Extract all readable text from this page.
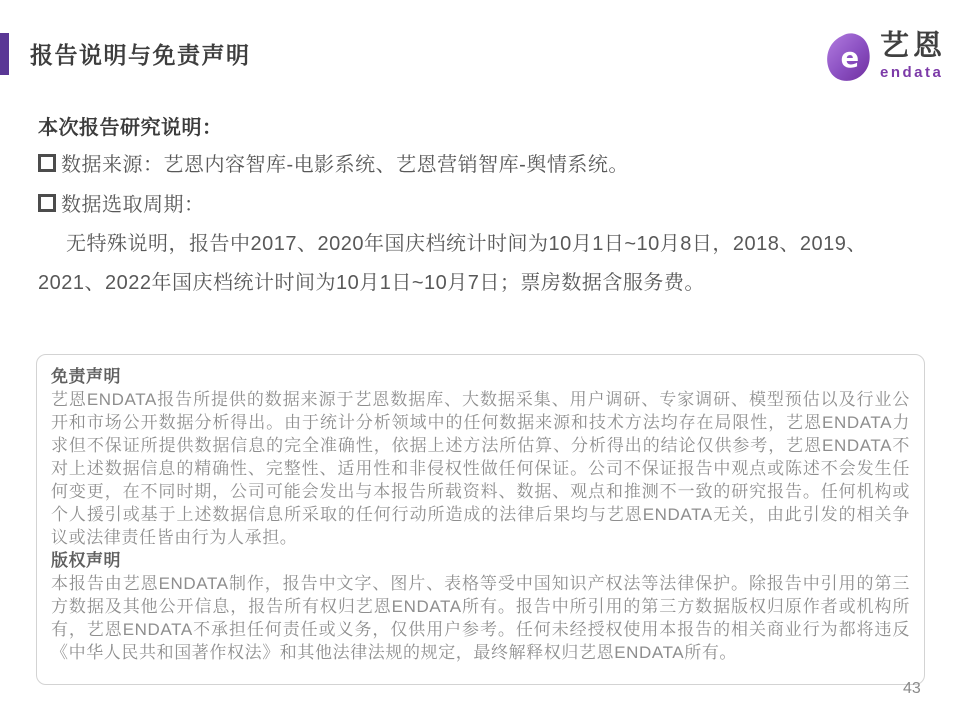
报告说明与免责声明	e 艺恩
endata
本次报告研究说明：
数据来源：艺恩内容智库-电影系统、艺恩营销智库-舆情系统。
数据选取周期：
无特殊说明，报告中2017、2020年国庆档统计时间为10月1日~10月8日，2018、2019、
2021、2022年国庆档统计时间为10月1日~10月7日；票房数据含服务费。
免责声明

艺恩ENDATA报告所提供的数据来源于艺恩数据库、大数据采集、用户调研、专家调研、模型预估以及行业公开和市场公开数据分析得出。由于统计分析领域中的任何数据来源和技术方法均存在局限性，艺恩ENDATA力求但不保证所提供数据信息的完全准确性，依据上述方法所估算、分析得出的结论仅供参考，艺恩ENDATA不对上述数据信息的精确性、完整性、适用性和非侵权性做任何保证。公司不保证报告中观点或陈述不会发生任何变更，在不同时期，公司可能会发出与本报告所载资料、数据、观点和推测不一致的研究报告。任何机构或个人援引或基于上述数据信息所采取的任何行动所造成的法律后果均与艺恩ENDATA无关，由此引发的相关争议或法律责任皆由行为人承担。

版权声明

本报告由艺恩ENDATA制作，报告中文字、图片、表格等受中国知识产权法等法律保护。除报告中引用的第三方数据及其他公开信息，报告所有权归艺恩ENDATA所有。报告中所引用的第三方数据版权归原作者或机构所有，艺恩ENDATA不承担任何责任或义务，仅供用户参考。任何未经授权使用本报告的相关商业行为都将违反《中华人民共和国著作权法》和其他法律法规的规定，最终解释权归艺恩ENDATA所有。

43
